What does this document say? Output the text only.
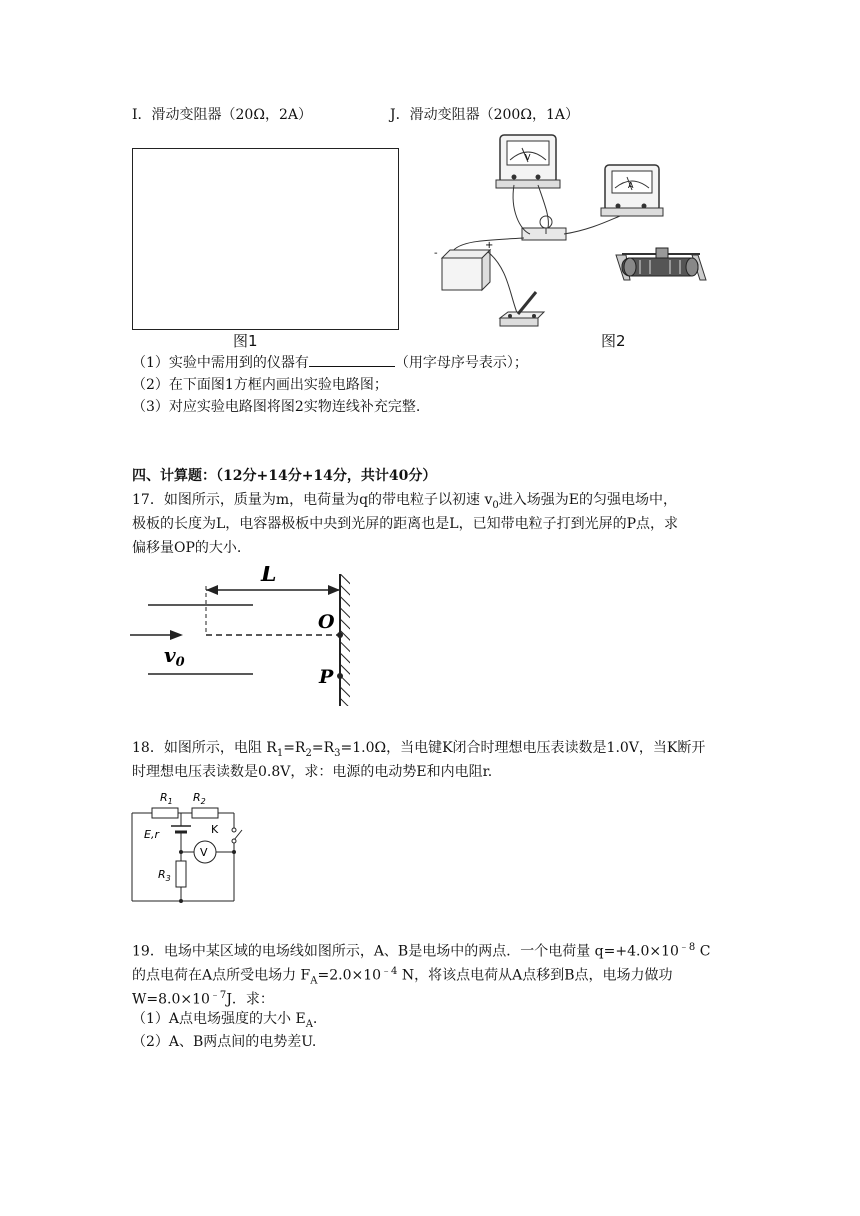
I．滑动变阻器（20Ω，2A）	J．滑动变阻器（200Ω，1A）
图1
V
A
-
+
图2
（1）实验中需用到的仪器有	（用字母序号表示）；
（2）在下面图1方框内画出实验电路图；
（3）对应实验电路图将图2实物连线补充完整.
四、计算题：（12分+14分+14分，共计40分）
17．如图所示，质量为m，电荷量为q的带电粒子以初速 $v_0$进入场强为E的匀强电场中，
极板的长度为L，电容器极板中央到光屏的距离也是L，已知带电粒子打到光屏的P点，求
偏移量OP的大小.
L
$v_0$
O
P
18．如图所示，电阻 $R_1=R_2=R_3=1.0\Omega$，当电键K闭合时理想电压表读数是1.0V，当K断开
时理想电压表读数是0.8V，求：电源的电动势E和内电阻r.
$R_1$ $R_2$
E,r	K
$R_3$
V
19．电场中某区域的电场线如图所示，A、B是电场中的两点．一个电荷量 $q=+4.0\times 10^{﹣8}$ C
的点电荷在A点所受电场力 $F_A=2.0\times 10^{﹣4}$ N，将该点电荷从A点移到B点，电场力做功
$W=8.0\times 10^{﹣7}J$．求：
（1）A点电场强度的大小 $E_A$.
（2）A、B两点间的电势差U.
